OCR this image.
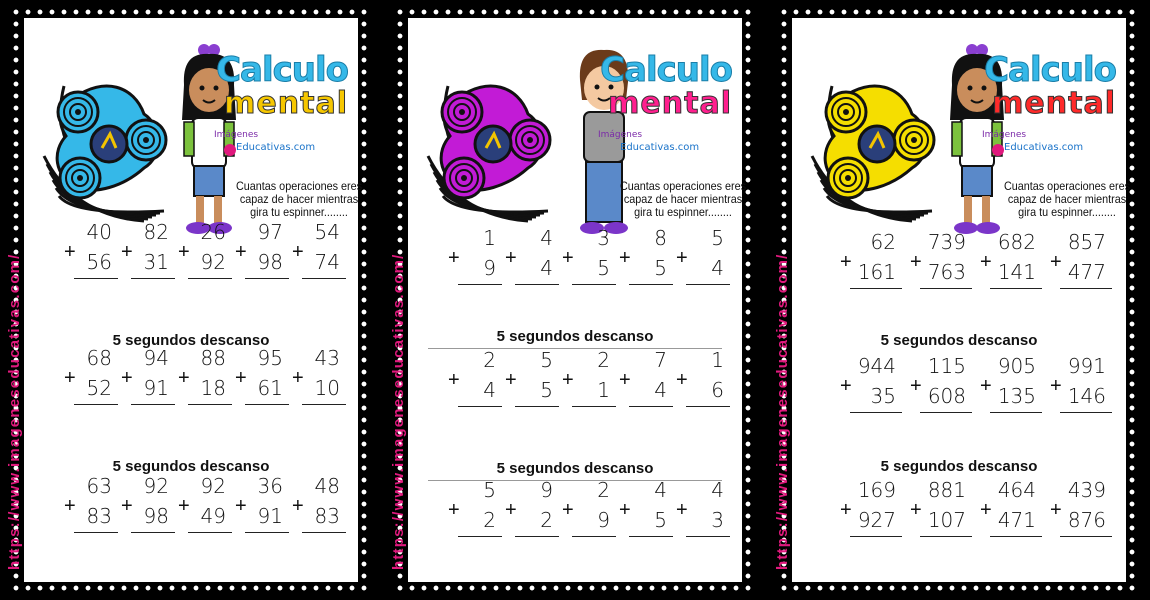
Calculo
mental
Imágenes
Educativas.com
Cuantas operaciones eres capaz de hacer mientras gira tu espinner........
+
40
56 +
82
31 +
26
92 +
97
98 +
54
74
+
68
52 +
94
91 +
88
18 +
95
61 +
43
10
+
63
83 +
92
98 +
92
49 +
36
91 +
48
83
5 segundos descanso
5 segundos descanso
https://www.imageneseducativas.com/
Calculo
mental
Imágenes
Educativas.com
Cuantas operaciones eres capaz de hacer mientras gira tu espinner........
+
1
9 +
4
4 +
3
5 +
8
5 +
5
4
+
2
4 +
5
5 +
2
1 +
7
4 +
1
6
+
5
2 +
9
2 +
2
9 +
4
5 +
4
3
5 segundos descanso
5 segundos descanso
https://www.imageneseducativas.com/
Calculo
mental
Imágenes
Educativas.com
Cuantas operaciones eres capaz de hacer mientras gira tu espinner........
+
62
161 +
739
763 +
682
141 +
857
477
+
944
35 +
115
608 +
905
135 +
991
146
+
169
927 +
881
107 +
464
471 +
439
876
5 segundos descanso
5 segundos descanso
https://www.imageneseducativas.com/
